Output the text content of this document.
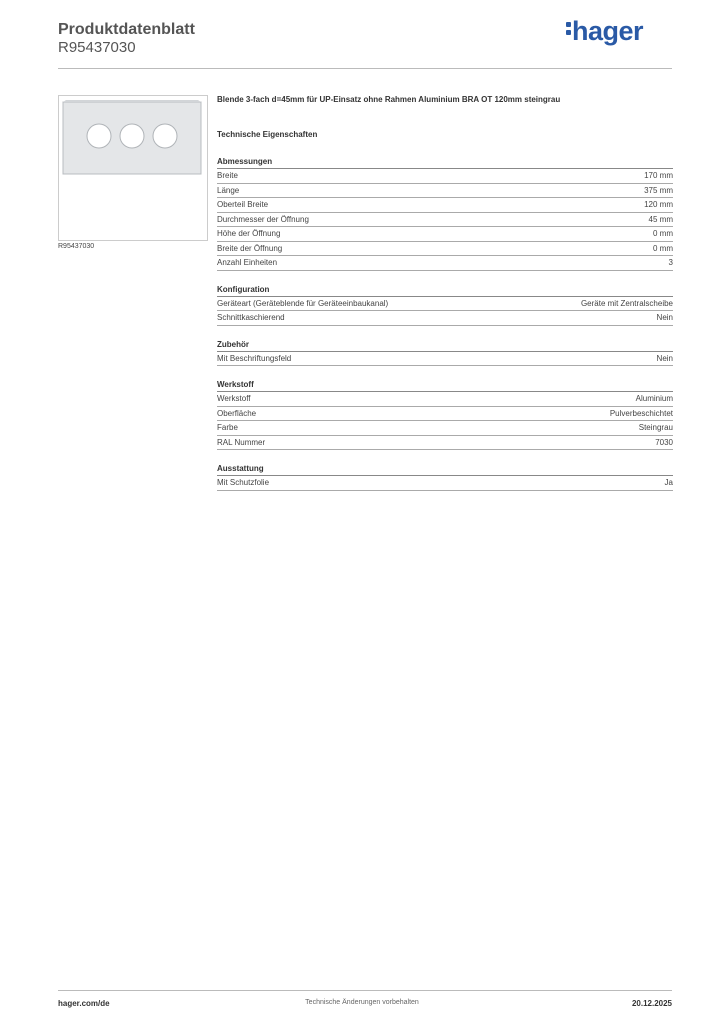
Produktdatenblatt
R95437030
hager
R95437030
Blende 3-fach d=45mm für UP-Einsatz ohne Rahmen Aluminium BRA OT 120mm steingrau
Technische Eigenschaften
Abmessungen
Breite	170 mm
Länge	375 mm
Oberteil Breite	120 mm
Durchmesser der Öffnung	45 mm
Höhe der Öffnung	0 mm
Breite der Öffnung	0 mm
Anzahl Einheiten	3
Konfiguration
Geräteart (Geräteblende für Geräteeinbaukanal)	Geräte mit Zentralscheibe
Schnittkaschierend	Nein
Zubehör
Mit Beschriftungsfeld	Nein
Werkstoff
Werkstoff	Aluminium
Oberfläche	Pulverbeschichtet
Farbe	Steingrau
RAL Nummer	7030
Ausstattung
Mit Schutzfolie	Ja
hager.com/de	Technische Änderungen vorbehalten	20.12.2025
